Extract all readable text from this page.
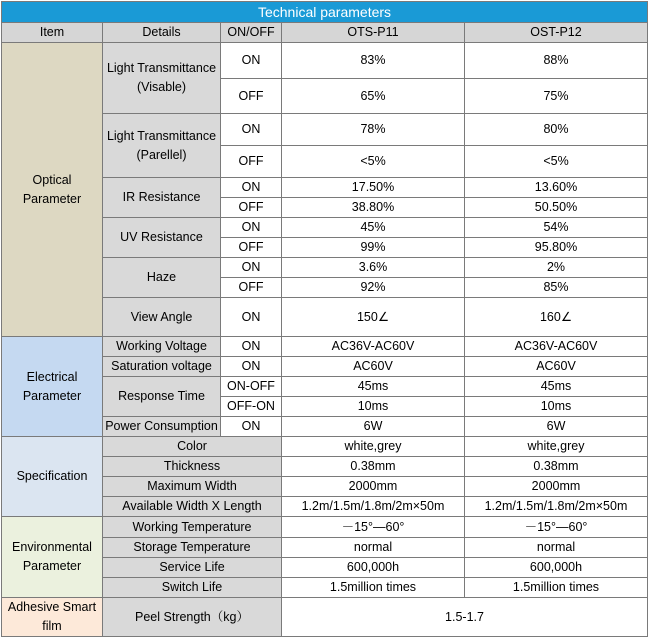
Technical parameters				
Item	Details	ON/OFF	OTS-P11	OST-P12
Optical Parameter	Light Transmittance (Visable)	ON	83%	88%
		OFF	65%	75%
	Light Transmittance (Parellel)	ON	78%	80%
		OFF	<5%	<5%
	IR Resistance	ON	17.50%	13.60%
		OFF	38.80%	50.50%
	UV Resistance	ON	45%	54%
		OFF	99%	95.80%
	Haze	ON	3.6%	2%
		OFF	92%	85%
	View Angle	ON	150∠	160∠
Electrical Parameter	Working Voltage	ON	AC36V-AC60V	AC36V-AC60V
	Saturation voltage	ON	AC60V	AC60V
	Response Time	ON-OFF	45ms	45ms
		OFF-ON	10ms	10ms
	Power Consumption	ON	6W	6W
Specification	Color		white,grey	white,grey
	Thickness		0.38mm	0.38mm
	Maximum Width		2000mm	2000mm
	Available Width X Length		1.2m/1.5m/1.8m/2m×50m	1.2m/1.5m/1.8m/2m×50m
Environmental Parameter	Working Temperature		－15°—60°	－15°—60°
	Storage Temperature		normal	normal
	Service Life		600,000h	600,000h
	Switch Life		1.5million times	1.5million times
Adhesive Smart film	Peel Strength（kg）		1.5-1.7	
